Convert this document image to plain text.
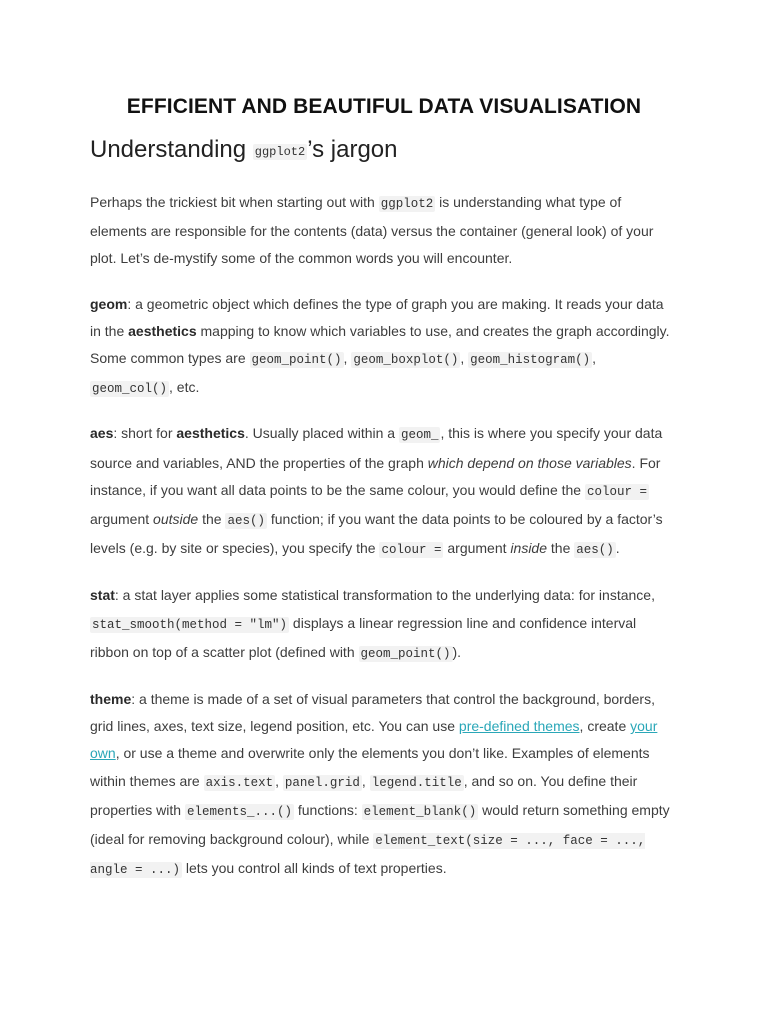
EFFICIENT AND BEAUTIFUL DATA VISUALISATION
Understanding ggplot2’s jargon

Perhaps the trickiest bit when starting out with ggplot2 is understanding what type of elements are responsible for the contents (data) versus the container (general look) of your plot. Let’s de-mystify some of the common words you will encounter.

geom: a geometric object which defines the type of graph you are making. It reads your data in the aesthetics mapping to know which variables to use, and creates the graph accordingly. Some common types are geom_point() , geom_boxplot() , geom_histogram() , geom_col() , etc.

aes: short for aesthetics. Usually placed within a geom_ , this is where you specify your data source and variables, AND the properties of the graph which depend on those variables. For instance, if you want all data points to be the same colour, you would define the colour = argument outside the aes() function; if you want the data points to be coloured by a factor’s levels (e.g. by site or species), you specify the colour = argument inside the aes() .

stat: a stat layer applies some statistical transformation to the underlying data: for instance, stat_smooth(method = "lm") displays a linear regression line and confidence interval ribbon on top of a scatter plot (defined with geom_point() ).

theme: a theme is made of a set of visual parameters that control the background, borders, grid lines, axes, text size, legend position, etc. You can use pre-defined themes, create your own, or use a theme and overwrite only the elements you don’t like. Examples of elements within themes are axis.text , panel.grid , legend.title , and so on. You define their properties with elements_...() functions: element_blank() would return something empty (ideal for removing background colour), while element_text(size = ..., face = ..., angle = ...) lets you control all kinds of text properties.
